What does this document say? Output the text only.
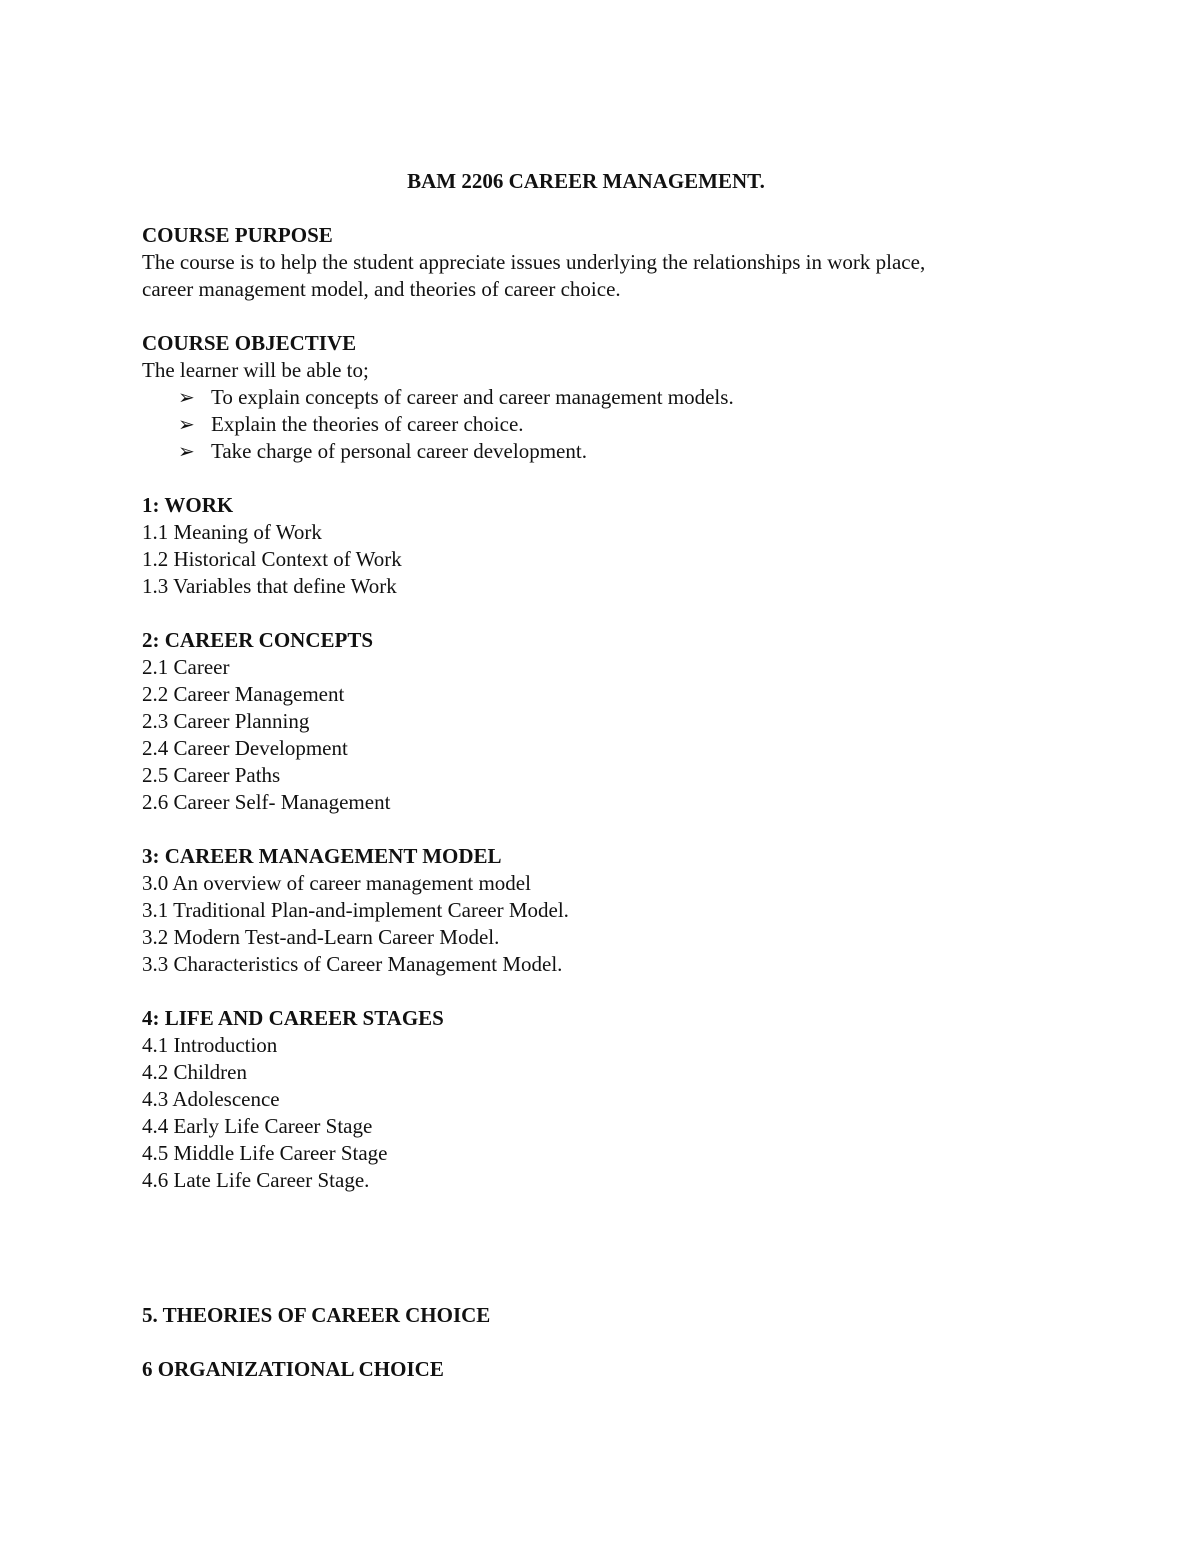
BAM 2206 CAREER MANAGEMENT.
COURSE PURPOSE
The course is to help the student appreciate issues underlying the relationships in work place,
career management model, and theories of career choice.
COURSE OBJECTIVE
The learner will be able to;
➢ To explain concepts of career and career management models.
➢ Explain the theories of career choice.
➢ Take charge of personal career development.
1: WORK
1.1 Meaning of Work
1.2 Historical Context of Work
1.3 Variables that define Work
2: CAREER CONCEPTS
2.1 Career
2.2 Career Management
2.3 Career Planning
2.4 Career Development
2.5 Career Paths
2.6 Career Self- Management
3: CAREER MANAGEMENT MODEL
3.0 An overview of career management model
3.1 Traditional Plan-and-implement Career Model.
3.2 Modern Test-and-Learn Career Model.
3.3 Characteristics of Career Management Model.
4: LIFE AND CAREER STAGES
4.1 Introduction
4.2 Children
4.3 Adolescence
4.4 Early Life Career Stage
4.5 Middle Life Career Stage
4.6 Late Life Career Stage.
5. THEORIES OF CAREER CHOICE
6 ORGANIZATIONAL CHOICE
